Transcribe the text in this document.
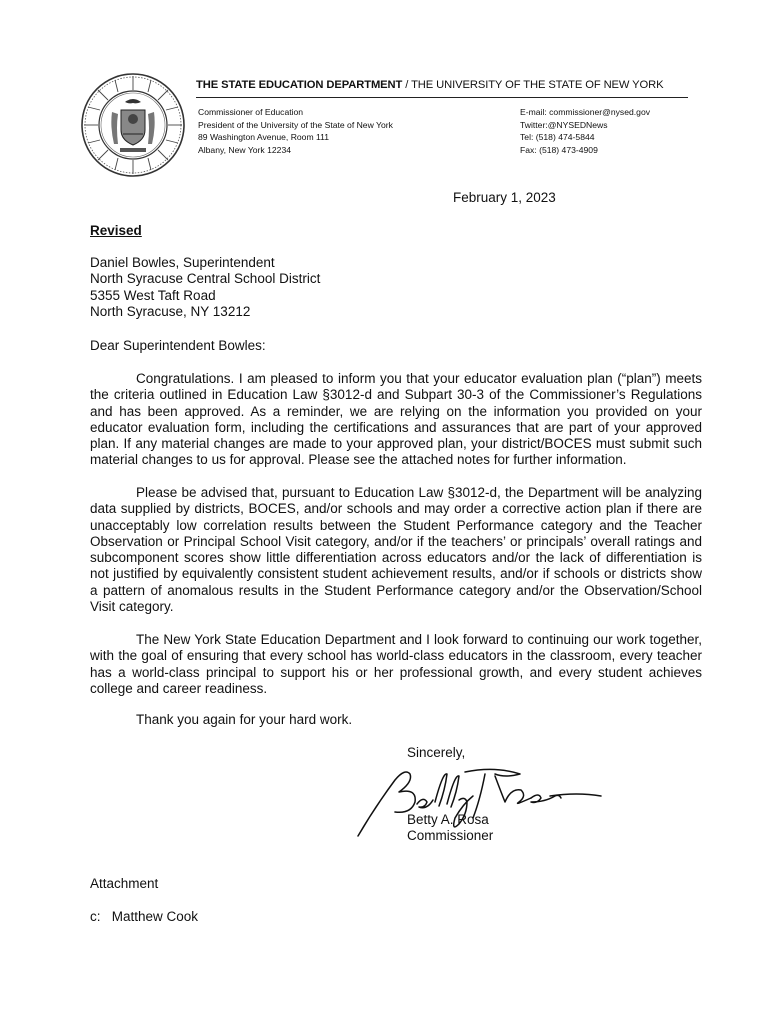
THE STATE EDUCATION DEPARTMENT / THE UNIVERSITY OF THE STATE OF NEW YORK
Commissioner of Education
President of the University of the State of New York
89 Washington Avenue, Room 111
Albany, New York 12234
E-mail: commissioner@nysed.gov
Twitter:@NYSEDNews
Tel: (518) 474-5844
Fax: (518) 473-4909
February 1, 2023
Revised
Daniel Bowles, Superintendent
North Syracuse Central School District
5355 West Taft Road
North Syracuse, NY 13212
Dear Superintendent Bowles:

Congratulations. I am pleased to inform you that your educator evaluation plan (“plan”) meets the criteria outlined in Education Law §3012-d and Subpart 30-3 of the Commissioner’s Regulations and has been approved. As a reminder, we are relying on the information you provided on your educator evaluation form, including the certifications and assurances that are part of your approved plan. If any material changes are made to your approved plan, your district/BOCES must submit such material changes to us for approval. Please see the attached notes for further information.

Please be advised that, pursuant to Education Law §3012-d, the Department will be analyzing data supplied by districts, BOCES, and/or schools and may order a corrective action plan if there are unacceptably low correlation results between the Student Performance category and the Teacher Observation or Principal School Visit category, and/or if the teachers’ or principals’ overall ratings and subcomponent scores show little differentiation across educators and/or the lack of differentiation is not justified by equivalently consistent student achievement results, and/or if schools or districts show a pattern of anomalous results in the Student Performance category and/or the Observation/School Visit category.

The New York State Education Department and I look forward to continuing our work together, with the goal of ensuring that every school has world-class educators in the classroom, every teacher has a world-class principal to support his or her professional growth, and every student achieves college and career readiness.

Thank you again for your hard work.

Sincerely,
Betty A. Rosa
Commissioner
Attachment
c:   Matthew Cook
